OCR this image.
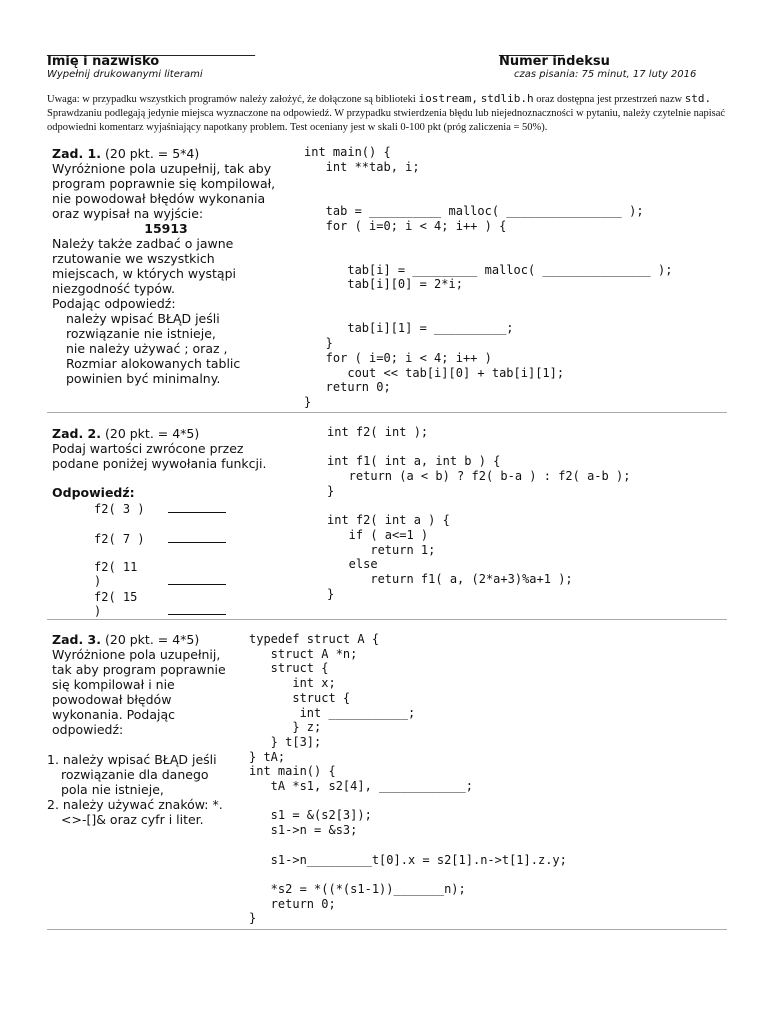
________________________________
Imię i nazwisko
Wypełnij drukowanymi literami
__________
Numer indeksu
czas pisania: 75 minut, 17 luty 2016
Uwaga: w przypadku wszystkich programów należy założyć, że dołączone są biblioteki iostream, stdlib.h oraz dostępna jest przestrzeń nazw std. Sprawdzaniu podlegają jedynie miejsca wyznaczone na odpowiedź. W przypadku stwierdzenia błędu lub niejednoznaczności w pytaniu, należy czytelnie napisać odpowiedni komentarz wyjaśniający napotkany problem. Test oceniany jest w skali 0-100 pkt (próg zaliczenia = 50%).

Zad. 1. (20 pkt. = 5*4)

Wyróżnione pola uzupełnij, tak aby program poprawnie się kompilował, nie powodował błędów wykonania oraz wypisał na wyjście:

15913

Należy także zadbać o jawne rzutowanie we wszystkich miejscach, w których wystąpi niezgodność typów.

Podając odpowiedź:

należy wpisać BŁĄD jeśli rozwiązanie nie istnieje,

nie należy używać ; oraz ,

Rozmiar alokowanych tablic powinien być minimalny.

int main() {
int **tab, i;

tab = __________ malloc( ________________ );
for ( i=0; i < 4; i++ ) {

tab[i] = _________ malloc( _______________ );
tab[i][0] = 2*i;

tab[i][1] = __________;
}
for ( i=0; i < 4; i++ )
cout << tab[i][0] + tab[i][1];
return 0;
}

Zad. 2. (20 pkt. = 4*5)

Podaj wartości zwrócone przez podane poniżej wywołania funkcji.

Odpowiedź:
f2( 3 )
f2( 7 )
f2( 11 )
f2( 15 )
int f2( int );

int f1( int a, int b ) {
return (a < b) ? f2( b-a ) : f2( a-b );
}

int f2( int a ) {
if ( a<=1 )
return 1;
else
return f1( a, (2*a+3)%a+1 );
}

Zad. 3. (20 pkt. = 4*5)

Wyróżnione pola uzupełnij, tak aby program poprawnie się kompilował i nie powodował błędów wykonania. Podając odpowiedź:

1. należy wpisać BŁĄD jeśli rozwiązanie dla danego pola nie istnieje,

2. należy używać znaków: *.<>-[]& oraz cyfr i liter.

typedef struct A {
struct A *n;
struct {
int x;
struct {
int ___________;
} z;
} t[3];
} tA;
int main() {
tA *s1, s2[4], ____________;

s1 = &(s2[3]);
s1->n = &s3;

s1->n_________t[0].x = s2[1].n->t[1].z.y;

*s2 = *((*(s1-1))_______n);
return 0;
}
